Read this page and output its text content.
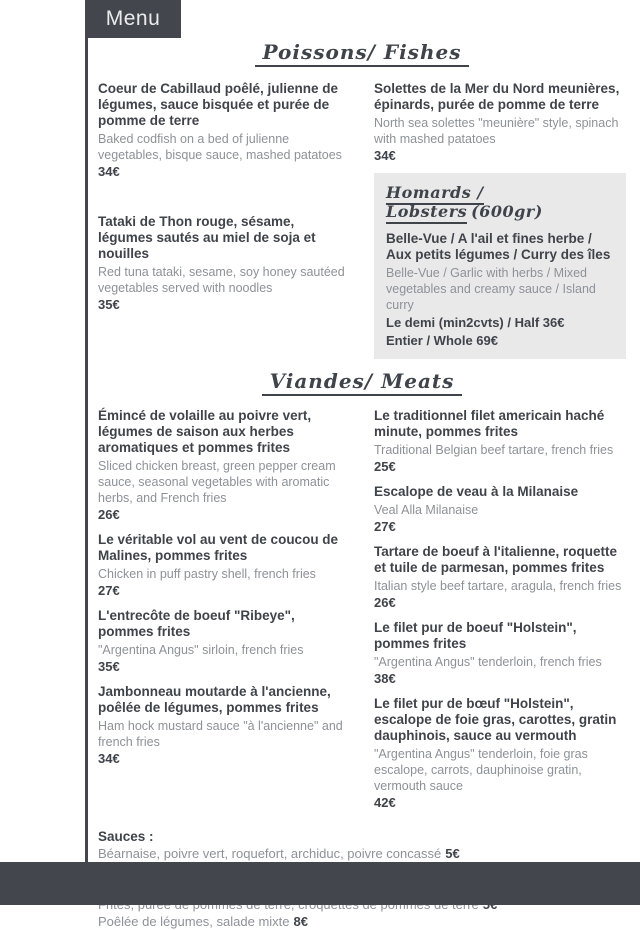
Menu
Poissons/ Fishes
Coeur de Cabillaud poêlé, julienne de légumes, sauce bisquée et purée de pomme de terre
Baked codfish on a bed of julienne vegetables, bisque sauce, mashed patatoes
34€
Tataki de Thon rouge, sésame, légumes sautés au miel de soja et nouilles
Red tuna tataki, sesame, soy honey sautéed vegetables served with noodles
35€
Solettes de la Mer du Nord meunières, épinards, purée de pomme de terre
North sea solettes "meunière" style, spinach with mashed patatoes
34€
Homards / Lobsters (600gr)
Belle-Vue / A l'ail et fines herbe / Aux petits légumes / Curry des îles
Belle-Vue / Garlic with herbs / Mixed vegetables and creamy sauce / Island curry
Le demi (min2cvts) / Half 36€
Entier / Whole 69€
Viandes/ Meats
Émincé de volaille au poivre vert, légumes de saison aux herbes aromatiques et pommes frites
Sliced chicken breast, green pepper cream sauce, seasonal vegetables with aromatic herbs, and French fries
26€
Le véritable vol au vent de coucou de Malines, pommes frites
Chicken in puff pastry shell, french fries
27€
L'entrecôte de boeuf "Ribeye", pommes frites
"Argentina Angus" sirloin, french fries
35€
Jambonneau moutarde à l'ancienne, poêlée de légumes, pommes frites
Ham hock mustard sauce "à l'ancienne" and french fries
34€
Le traditionnel filet americain haché minute, pommes frites
Traditional Belgian beef tartare, french fries
25€
Escalope de veau à la Milanaise
Veal Alla Milanaise
27€
Tartare de boeuf à l'italienne, roquette et tuile de parmesan, pommes frites
Italian style beef tartare, aragula, french fries
26€
Le filet pur de boeuf "Holstein", pommes frites
"Argentina Angus" tenderloin, french fries
38€
Le filet pur de bœuf "Holstein", escalope de foie gras, carottes, gratin dauphinois, sauce au vermouth
"Argentina Angus" tenderloin, foie gras escalope, carrots, dauphinoise gratin, vermouth sauce
42€
Sauces :
Béarnaise, poivre vert, roquefort, archiduc, poivre concassé 5€
Poêlée de légumes, salade mixte 8€
